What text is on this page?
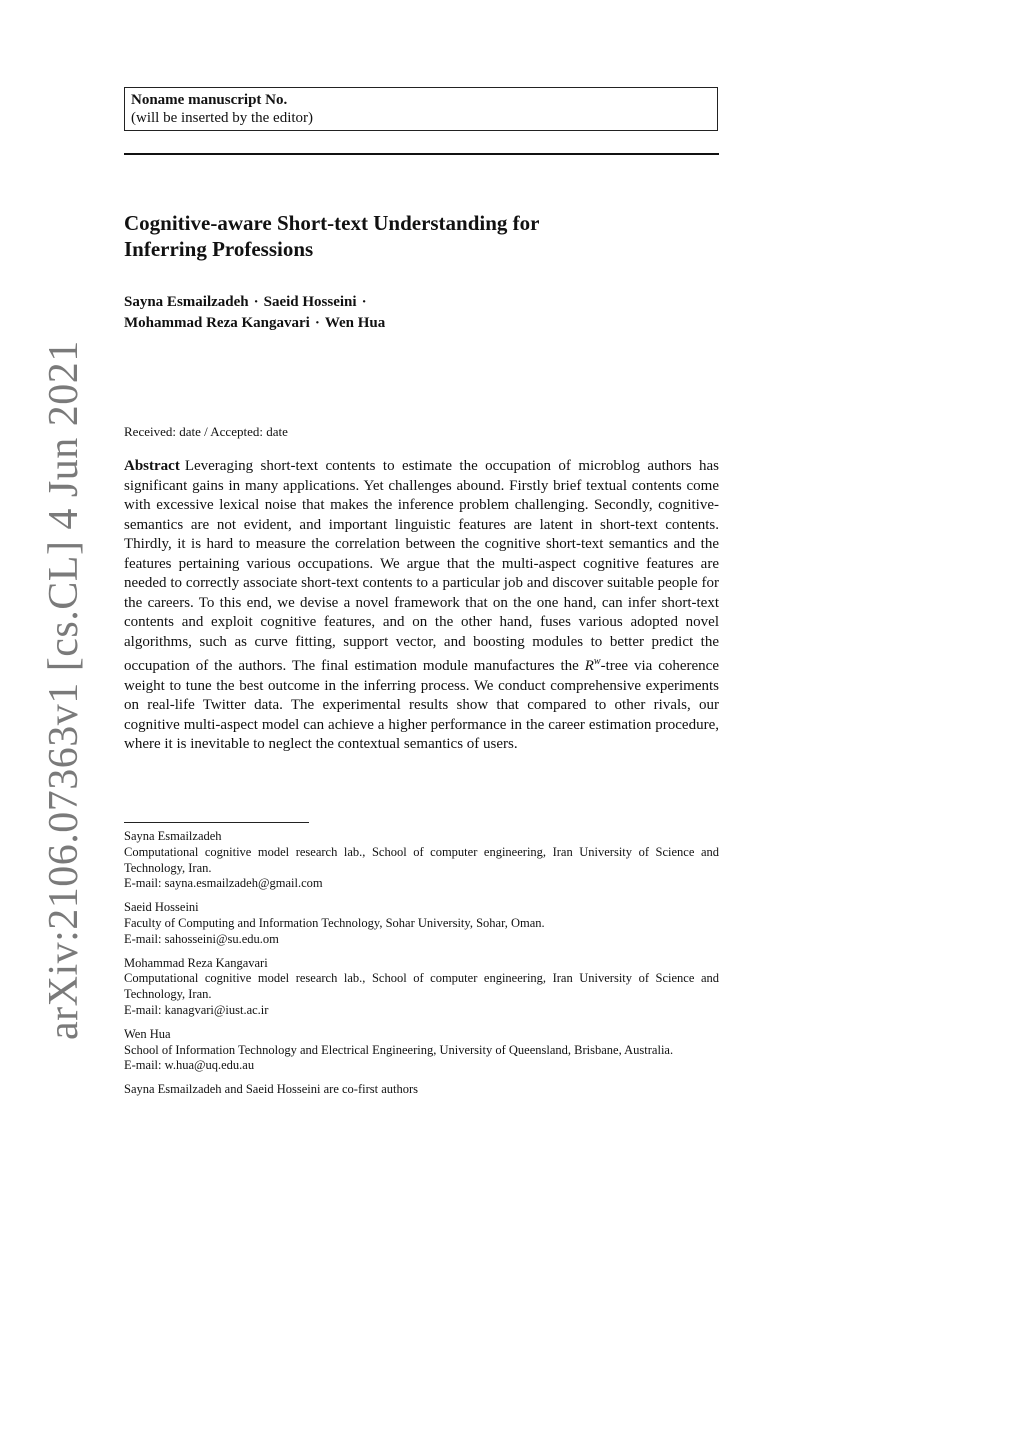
Noname manuscript No.
(will be inserted by the editor)
Cognitive-aware Short-text Understanding for
Inferring Professions
Sayna Esmailzadeh · Saeid Hosseini ·
Mohammad Reza Kangavari · Wen Hua
Received: date / Accepted: date

Abstract Leveraging short-text contents to estimate the occupation of microblog authors has significant gains in many applications. Yet challenges abound. Firstly brief textual contents come with excessive lexical noise that makes the inference problem challenging. Secondly, cognitive-semantics are not evident, and important linguistic features are latent in short-text contents. Thirdly, it is hard to measure the correlation between the cognitive short-text semantics and the features pertaining various occupations. We argue that the multi-aspect cognitive features are needed to correctly associate short-text contents to a particular job and discover suitable people for the careers. To this end, we devise a novel framework that on the one hand, can infer short-text contents and exploit cognitive features, and on the other hand, fuses various adopted novel algorithms, such as curve fitting, support vector, and boosting modules to better predict the occupation of the authors. The final estimation module manufactures the $R^w$-tree via coherence weight to tune the best outcome in the inferring process. We conduct comprehensive experiments on real-life Twitter data. The experimental results show that compared to other rivals, our cognitive multi-aspect model can achieve a higher performance in the career estimation procedure, where it is inevitable to neglect the contextual semantics of users.

Sayna Esmailzadeh
Computational cognitive model research lab., School of computer engineering, Iran University of Science and Technology, Iran.
E-mail: sayna.esmailzadeh@gmail.com
Saeid Hosseini
Faculty of Computing and Information Technology, Sohar University, Sohar, Oman.
E-mail: sahosseini@su.edu.om
Mohammad Reza Kangavari
Computational cognitive model research lab., School of computer engineering, Iran University of Science and Technology, Iran.
E-mail: kanagvari@iust.ac.ir
Wen Hua
School of Information Technology and Electrical Engineering, University of Queensland, Brisbane, Australia.
E-mail: w.hua@uq.edu.au
Sayna Esmailzadeh and Saeid Hosseini are co-first authors
arXiv:2106.07363v1 [cs.CL] 4 Jun 2021
